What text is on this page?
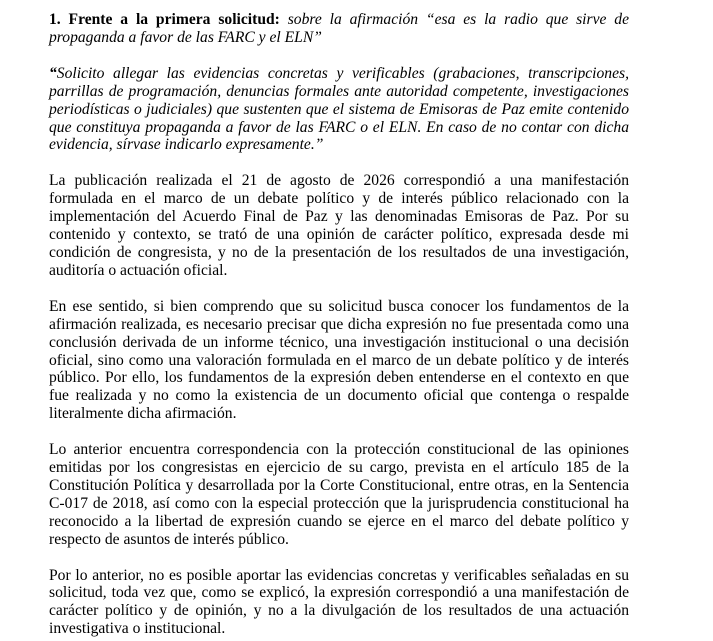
1. Frente a la primera solicitud: sobre la afirmación “esa es la radio que sirve de propaganda a favor de las FARC y el ELN”

“Solicito allegar las evidencias concretas y verificables (grabaciones, transcripciones, parrillas de programación, denuncias formales ante autoridad competente, investigaciones periodísticas o judiciales) que sustenten que el sistema de Emisoras de Paz emite contenido que constituya propaganda a favor de las FARC o el ELN. En caso de no contar con dicha evidencia, sírvase indicarlo expresamente.”

La publicación realizada el 21 de agosto de 2026 correspondió a una manifestación formulada en el marco de un debate político y de interés público relacionado con la implementación del Acuerdo Final de Paz y las denominadas Emisoras de Paz. Por su contenido y contexto, se trató de una opinión de carácter político, expresada desde mi condición de congresista, y no de la presentación de los resultados de una investigación, auditoría o actuación oficial.

En ese sentido, si bien comprendo que su solicitud busca conocer los fundamentos de la afirmación realizada, es necesario precisar que dicha expresión no fue presentada como una conclusión derivada de un informe técnico, una investigación institucional o una decisión oficial, sino como una valoración formulada en el marco de un debate político y de interés público. Por ello, los fundamentos de la expresión deben entenderse en el contexto en que fue realizada y no como la existencia de un documento oficial que contenga o respalde literalmente dicha afirmación.

Lo anterior encuentra correspondencia con la protección constitucional de las opiniones emitidas por los congresistas en ejercicio de su cargo, prevista en el artículo 185 de la Constitución Política y desarrollada por la Corte Constitucional, entre otras, en la Sentencia C-017 de 2018, así como con la especial protección que la jurisprudencia constitucional ha reconocido a la libertad de expresión cuando se ejerce en el marco del debate político y respecto de asuntos de interés público.

Por lo anterior, no es posible aportar las evidencias concretas y verificables señaladas en su solicitud, toda vez que, como se explicó, la expresión correspondió a una manifestación de carácter político y de opinión, y no a la divulgación de los resultados de una actuación investigativa o institucional.
